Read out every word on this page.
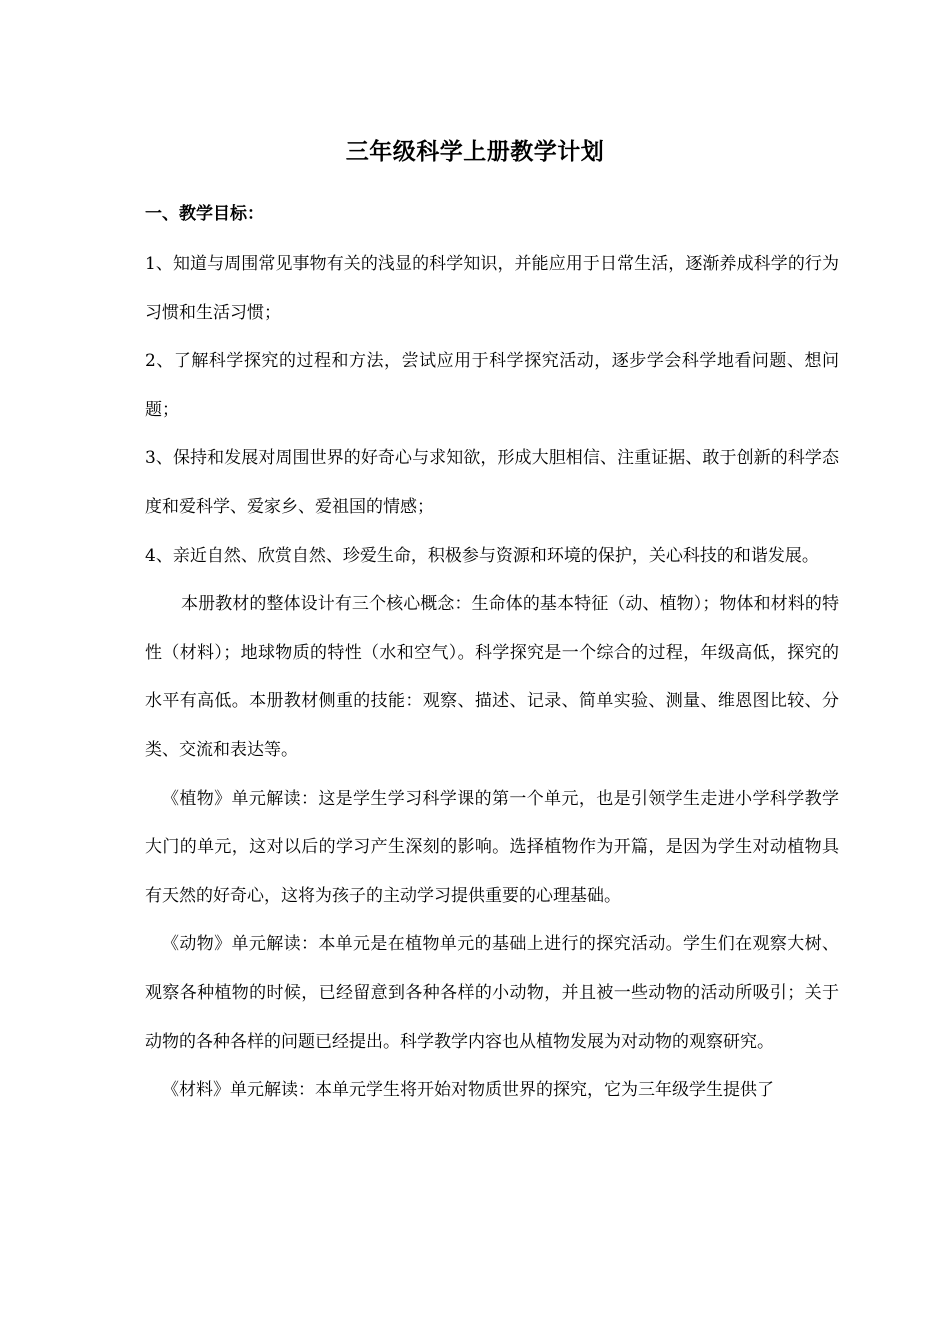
三年级科学上册教学计划
一、教学目标：

1、知道与周围常见事物有关的浅显的科学知识，并能应用于日常生活，逐渐养成科学的行为习惯和生活习惯；

2、了解科学探究的过程和方法，尝试应用于科学探究活动，逐步学会科学地看问题、想问题；

3、保持和发展对周围世界的好奇心与求知欲，形成大胆相信、注重证据、敢于创新的科学态度和爱科学、爱家乡、爱祖国的情感；

4、亲近自然、欣赏自然、珍爱生命，积极参与资源和环境的保护，关心科技的和谐发展。

本册教材的整体设计有三个核心概念：生命体的基本特征（动、植物）；物体和材料的特性（材料）；地球物质的特性（水和空气）。科学探究是一个综合的过程，年级高低，探究的水平有高低。本册教材侧重的技能：观察、描述、记录、简单实验、测量、维恩图比较、分类、交流和表达等。

《植物》单元解读：这是学生学习科学课的第一个单元，也是引领学生走进小学科学教学大门的单元，这对以后的学习产生深刻的影响。选择植物作为开篇，是因为学生对动植物具有天然的好奇心，这将为孩子的主动学习提供重要的心理基础。

《动物》单元解读：本单元是在植物单元的基础上进行的探究活动。学生们在观察大树、观察各种植物的时候，已经留意到各种各样的小动物，并且被一些动物的活动所吸引；关于动物的各种各样的问题已经提出。科学教学内容也从植物发展为对动物的观察研究。

《材料》单元解读：本单元学生将开始对物质世界的探究，它为三年级学生提供了
